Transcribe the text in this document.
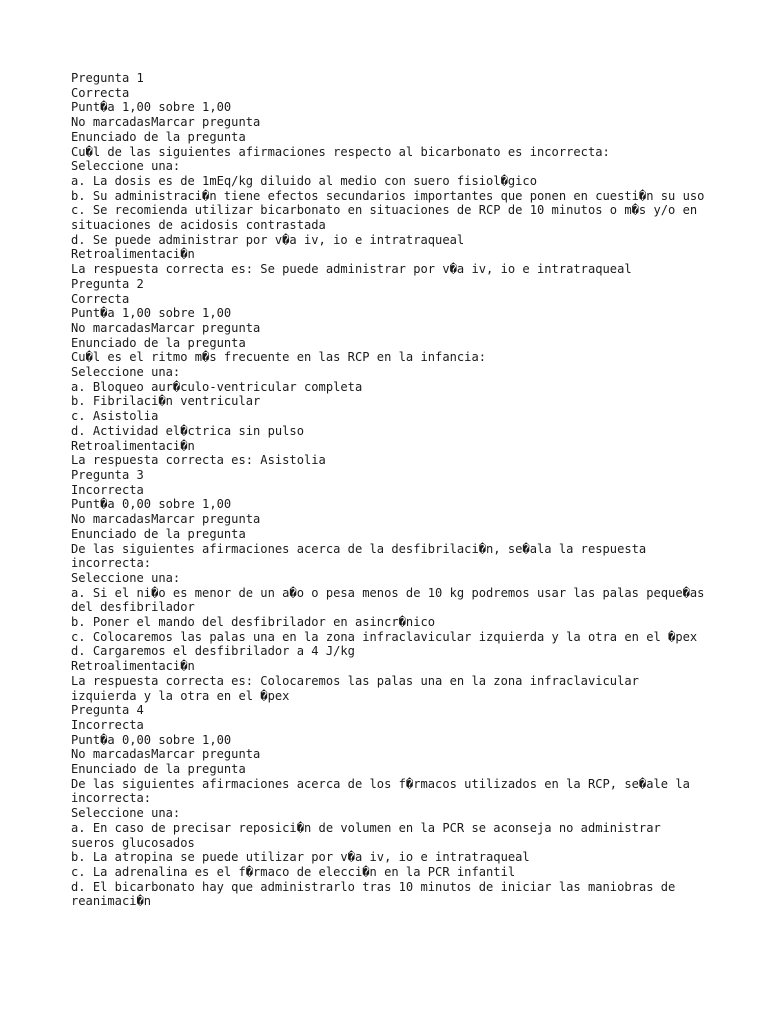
Pregunta 1
Correcta
Punt�a 1,00 sobre 1,00
No marcadasMarcar pregunta
Enunciado de la pregunta
Cu�l de las siguientes afirmaciones respecto al bicarbonato es incorrecta:
Seleccione una:
a. La dosis es de 1mEq/kg diluido al medio con suero fisiol�gico
b. Su administraci�n tiene efectos secundarios importantes que ponen en cuesti�n su uso
c. Se recomienda utilizar bicarbonato en situaciones de RCP de 10 minutos o m�s y/o en situaciones de acidosis contrastada
d. Se puede administrar por v�a iv, io e intratraqueal
Retroalimentaci�n
La respuesta correcta es: Se puede administrar por v�a iv, io e intratraqueal
Pregunta 2
Correcta
Punt�a 1,00 sobre 1,00
No marcadasMarcar pregunta
Enunciado de la pregunta
Cu�l es el ritmo m�s frecuente en las RCP en la infancia:
Seleccione una:
a. Bloqueo aur�culo-ventricular completa
b. Fibrilaci�n ventricular
c. Asistolia
d. Actividad el�ctrica sin pulso
Retroalimentaci�n
La respuesta correcta es: Asistolia
Pregunta 3
Incorrecta
Punt�a 0,00 sobre 1,00
No marcadasMarcar pregunta
Enunciado de la pregunta
De las siguientes afirmaciones acerca de la desfibrilaci�n, se�ala la respuesta incorrecta:
Seleccione una:
a. Si el ni�o es menor de un a�o o pesa menos de 10 kg podremos usar las palas peque�as del desfibrilador
b. Poner el mando del desfibrilador en asincr�nico
c. Colocaremos las palas una en la zona infraclavicular izquierda y la otra en el �pex
d. Cargaremos el desfibrilador a 4 J/kg
Retroalimentaci�n
La respuesta correcta es: Colocaremos las palas una en la zona infraclavicular izquierda y la otra en el �pex
Pregunta 4
Incorrecta
Punt�a 0,00 sobre 1,00
No marcadasMarcar pregunta
Enunciado de la pregunta
De las siguientes afirmaciones acerca de los f�rmacos utilizados en la RCP, se�ale la incorrecta:
Seleccione una:
a. En caso de precisar reposici�n de volumen en la PCR se aconseja no administrar sueros glucosados
b. La atropina se puede utilizar por v�a iv, io e intratraqueal
c. La adrenalina es el f�rmaco de elecci�n en la PCR infantil
d. El bicarbonato hay que administrarlo tras 10 minutos de iniciar las maniobras de reanimaci�n
